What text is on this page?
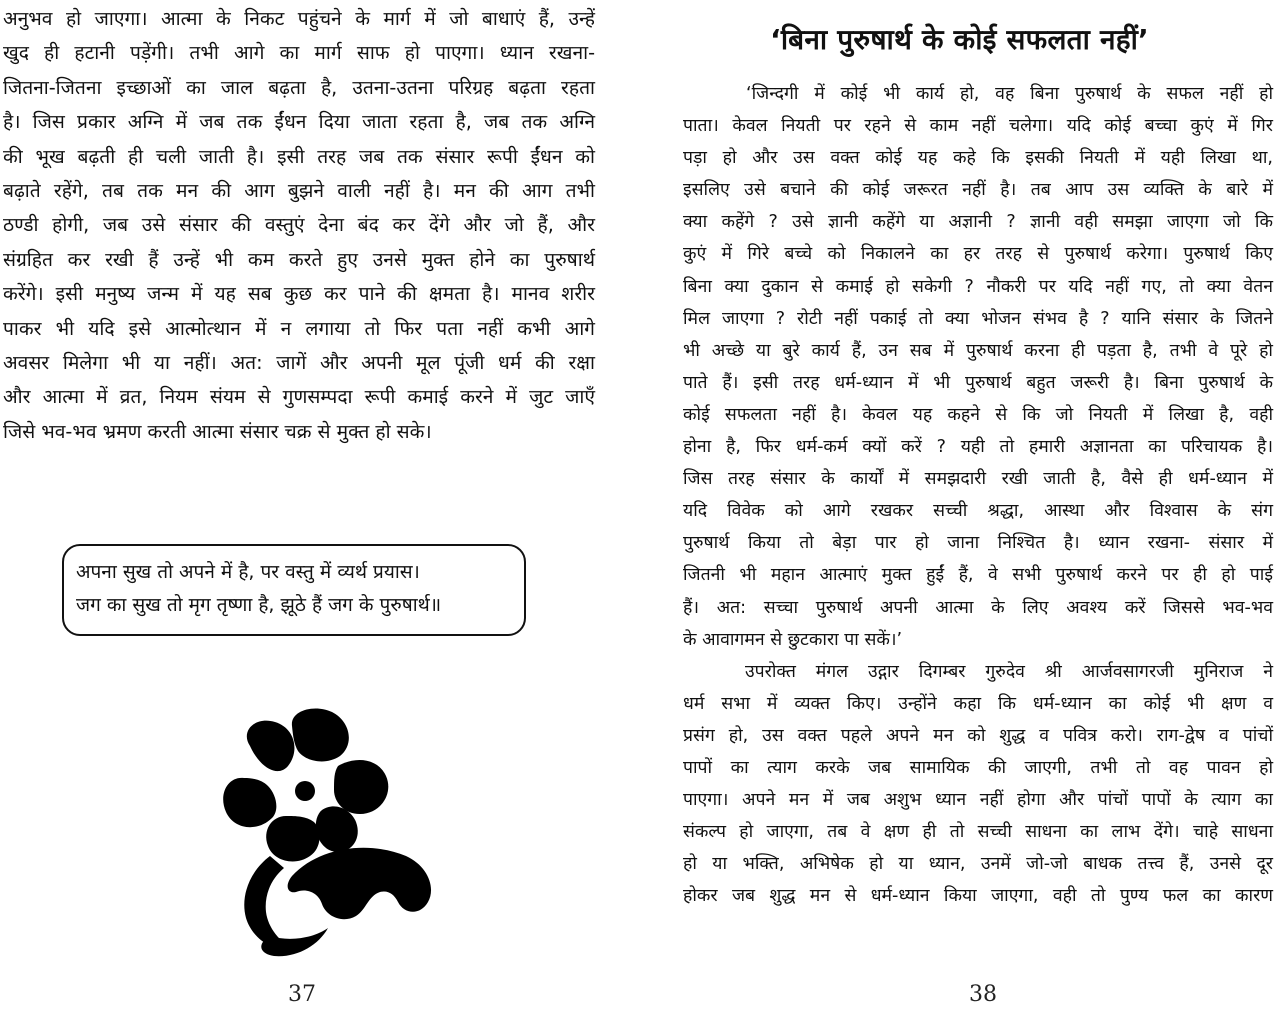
अनुभव हो जाएगा। आत्मा के निकट पहुंचने के मार्ग में जो बाधाएं हैं, उन्हें
खुद ही हटानी पड़ेंगी। तभी आगे का मार्ग साफ हो पाएगा। ध्यान रखना-
जितना-जितना इच्छाओं का जाल बढ़ता है, उतना-उतना परिग्रह बढ़ता रहता
है। जिस प्रकार अग्नि में जब तक ईंधन दिया जाता रहता है, जब तक अग्नि
की भूख बढ़ती ही चली जाती है। इसी तरह जब तक संसार रूपी ईंधन को
बढ़ाते रहेंगे, तब तक मन की आग बुझने वाली नहीं है। मन की आग तभी
ठण्डी होगी, जब उसे संसार की वस्तुएं देना बंद कर देंगे और जो हैं, और
संग्रहित कर रखी हैं उन्हें भी कम करते हुए उनसे मुक्त होने का पुरुषार्थ
करेंगे। इसी मनुष्य जन्म में यह सब कुछ कर पाने की क्षमता है। मानव शरीर
पाकर भी यदि इसे आत्मोत्थान में न लगाया तो फिर पता नहीं कभी आगे
अवसर मिलेगा भी या नहीं। अत: जागें और अपनी मूल पूंजी धर्म की रक्षा
और आत्मा में व्रत, नियम संयम से गुणसम्पदा रूपी कमाई करने में जुट जाएँ
जिसे भव-भव भ्रमण करती आत्मा संसार चक्र से मुक्त हो सके।
अपना सुख तो अपने में है, पर वस्तु में व्यर्थ प्रयास।
जग का सुख तो मृग तृष्णा है, झूठे हैं जग के पुरुषार्थ॥
37
‘बिना पुरुषार्थ के कोई सफलता नहीं’
‘जिन्दगी में कोई भी कार्य हो, वह बिना पुरुषार्थ के सफल नहीं हो
पाता। केवल नियती पर रहने से काम नहीं चलेगा। यदि कोई बच्चा कुएं में गिर
पड़ा हो और उस वक्त कोई यह कहे कि इसकी नियती में यही लिखा था,
इसलिए उसे बचाने की कोई जरूरत नहीं है। तब आप उस व्यक्ति के बारे में
क्या कहेंगे ? उसे ज्ञानी कहेंगे या अज्ञानी ? ज्ञानी वही समझा जाएगा जो कि
कुएं में गिरे बच्चे को निकालने का हर तरह से पुरुषार्थ करेगा। पुरुषार्थ किए
बिना क्या दुकान से कमाई हो सकेगी ? नौकरी पर यदि नहीं गए, तो क्या वेतन
मिल जाएगा ? रोटी नहीं पकाई तो क्या भोजन संभव है ? यानि संसार के जितने
भी अच्छे या बुरे कार्य हैं, उन सब में पुरुषार्थ करना ही पड़ता है, तभी वे पूरे हो
पाते हैं। इसी तरह धर्म-ध्यान में भी पुरुषार्थ बहुत जरूरी है। बिना पुरुषार्थ के
कोई सफलता नहीं है। केवल यह कहने से कि जो नियती में लिखा है, वही
होना है, फिर धर्म-कर्म क्यों करें ? यही तो हमारी अज्ञानता का परिचायक है।
जिस तरह संसार के कार्यों में समझदारी रखी जाती है, वैसे ही धर्म-ध्यान में
यदि विवेक को आगे रखकर सच्ची श्रद्धा, आस्था और विश्वास के संग
पुरुषार्थ किया तो बेड़ा पार हो जाना निश्चित है। ध्यान रखना- संसार में
जितनी भी महान आत्माएं मुक्त हुईं हैं, वे सभी पुरुषार्थ करने पर ही हो पाई
हैं। अत: सच्चा पुरुषार्थ अपनी आत्मा के लिए अवश्य करें जिससे भव-भव
के आवागमन से छुटकारा पा सकें।’
उपरोक्त मंगल उद्गार दिगम्बर गुरुदेव श्री आर्जवसागरजी मुनिराज ने
धर्म सभा में व्यक्त किए। उन्होंने कहा कि धर्म-ध्यान का कोई भी क्षण व
प्रसंग हो, उस वक्त पहले अपने मन को शुद्ध व पवित्र करो। राग-द्वेष व पांचों
पापों का त्याग करके जब सामायिक की जाएगी, तभी तो वह पावन हो
पाएगा। अपने मन में जब अशुभ ध्यान नहीं होगा और पांचों पापों के त्याग का
संकल्प हो जाएगा, तब वे क्षण ही तो सच्ची साधना का लाभ देंगे। चाहे साधना
हो या भक्ति, अभिषेक हो या ध्यान, उनमें जो-जो बाधक तत्त्व हैं, उनसे दूर
होकर जब शुद्ध मन से धर्म-ध्यान किया जाएगा, वही तो पुण्य फल का कारण
38
